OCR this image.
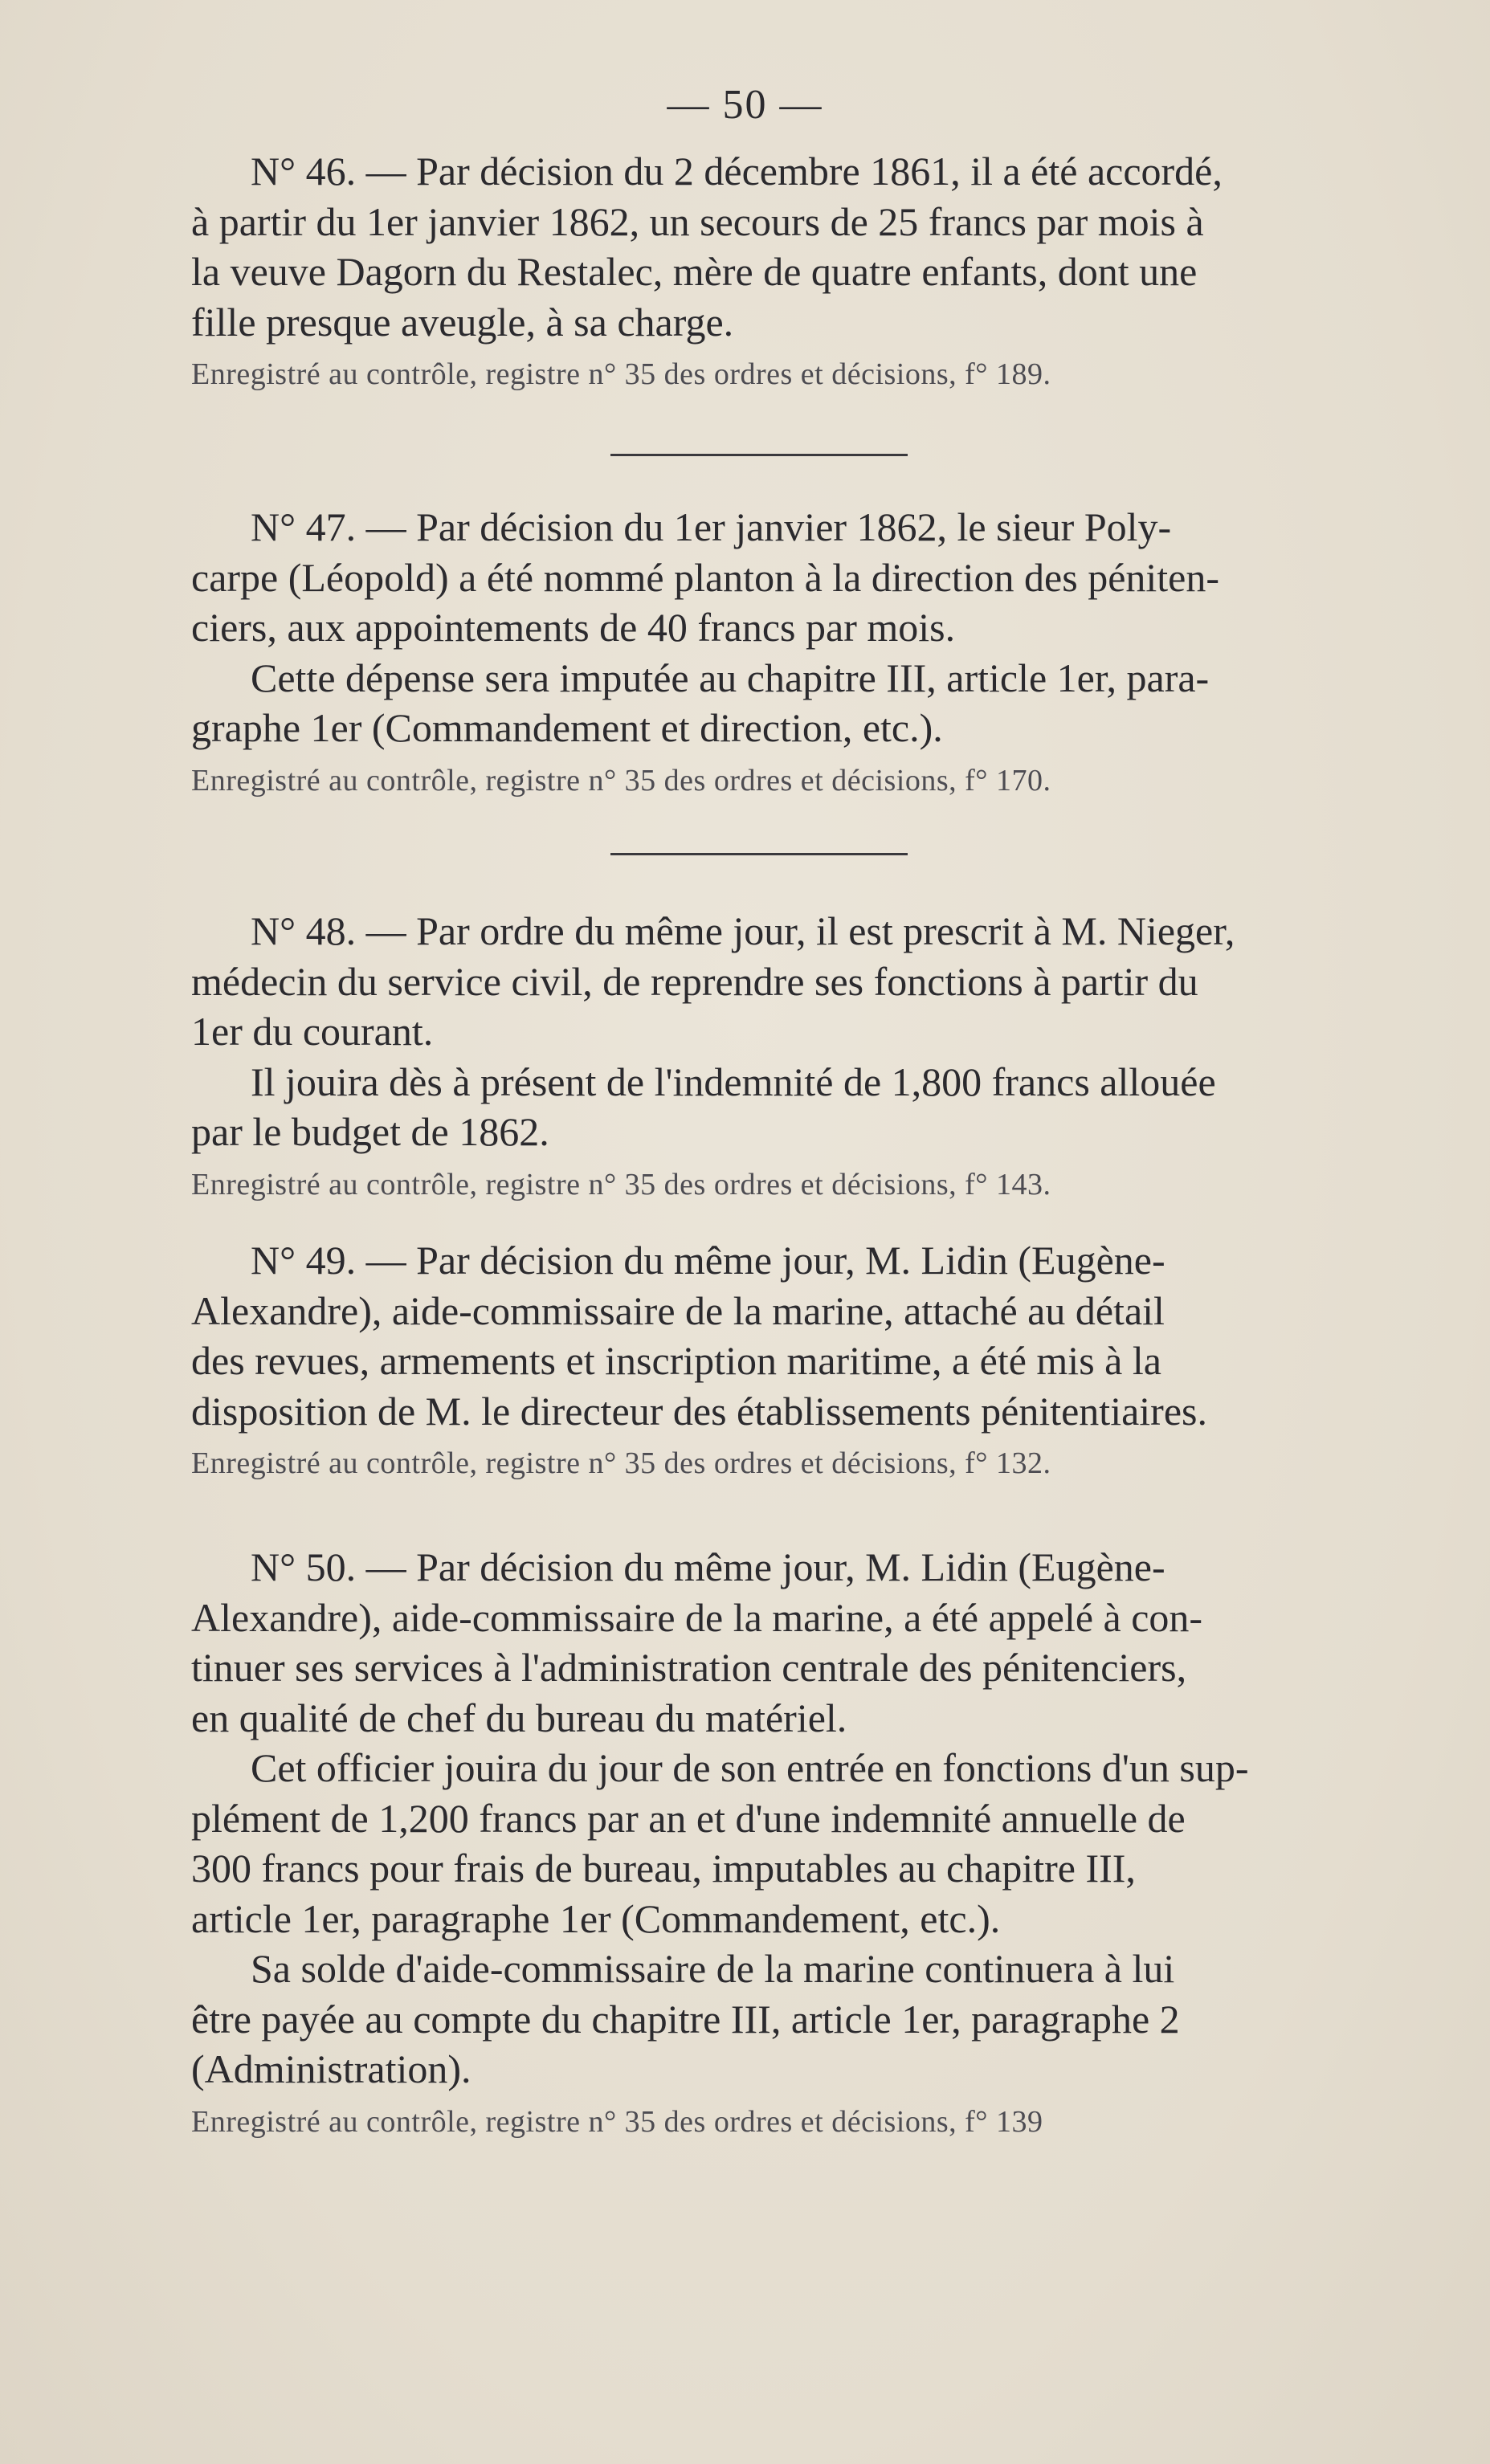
— 50 —

N° 46. — Par décision du 2 décembre 1861, il a été accordé,

à partir du 1er janvier 1862, un secours de 25 francs par mois à

la veuve Dagorn du Restalec, mère de quatre enfants, dont une

fille presque aveugle, à sa charge.

Enregistré au contrôle, registre n° 35 des ordres et décisions, f° 189.

N° 47. — Par décision du 1er janvier 1862, le sieur Poly-

carpe (Léopold) a été nommé planton à la direction des péniten-

ciers, aux appointements de 40 francs par mois.

Cette dépense sera imputée au chapitre III, article 1er, para-

graphe 1er (Commandement et direction, etc.).

Enregistré au contrôle, registre n° 35 des ordres et décisions, f° 170.

N° 48. — Par ordre du même jour, il est prescrit à M. Nieger,

médecin du service civil, de reprendre ses fonctions à partir du

1er du courant.

Il jouira dès à présent de l'indemnité de 1,800 francs allouée

par le budget de 1862.

Enregistré au contrôle, registre n° 35 des ordres et décisions, f° 143.

N° 49. — Par décision du même jour, M. Lidin (Eugène-

Alexandre), aide-commissaire de la marine, attaché au détail

des revues, armements et inscription maritime, a été mis à la

disposition de M. le directeur des établissements pénitentiaires.

Enregistré au contrôle, registre n° 35 des ordres et décisions, f° 132.

N° 50. — Par décision du même jour, M. Lidin (Eugène-

Alexandre), aide-commissaire de la marine, a été appelé à con-

tinuer ses services à l'administration centrale des pénitenciers,

en qualité de chef du bureau du matériel.

Cet officier jouira du jour de son entrée en fonctions d'un sup-

plément de 1,200 francs par an et d'une indemnité annuelle de

300 francs pour frais de bureau, imputables au chapitre III,

article 1er, paragraphe 1er (Commandement, etc.).

Sa solde d'aide-commissaire de la marine continuera à lui

être payée au compte du chapitre III, article 1er, paragraphe 2

(Administration).

Enregistré au contrôle, registre n° 35 des ordres et décisions, f° 139
